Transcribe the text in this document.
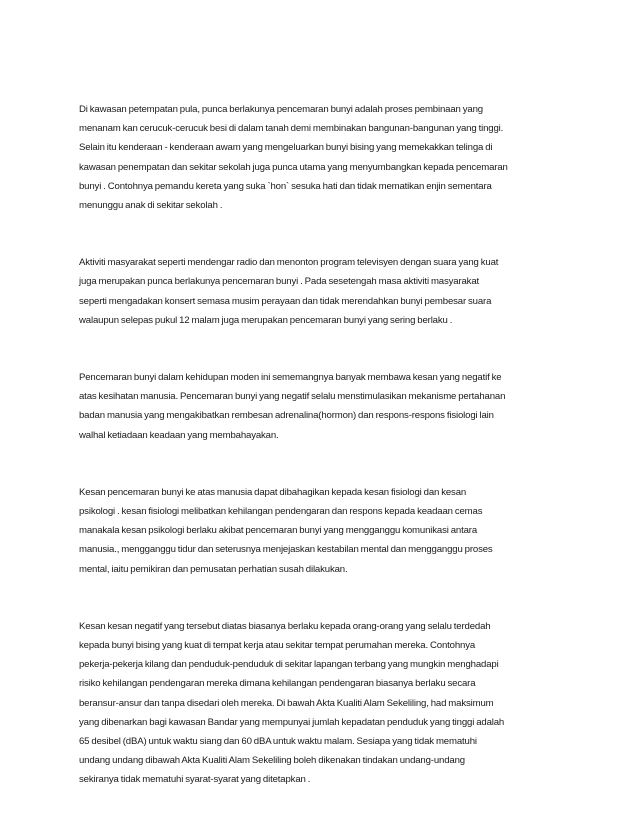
Di kawasan petempatan pula, punca berlakunya pencemaran bunyi adalah proses pembinaan yang
menanam kan cerucuk-cerucuk besi di dalam tanah demi membinakan bangunan-bangunan yang tinggi.
Selain itu kenderaan - kenderaan awam yang mengeluarkan bunyi bising yang memekakkan telinga di
kawasan penempatan dan sekitar sekolah juga punca utama yang menyumbangkan kepada pencemaran
bunyi . Contohnya pemandu kereta yang suka `hon` sesuka hati dan tidak mematikan enjin sementara
menunggu anak di sekitar sekolah .

Aktiviti masyarakat seperti mendengar radio dan menonton program televisyen dengan suara yang kuat
juga merupakan punca berlakunya pencemaran bunyi . Pada sesetengah masa aktiviti masyarakat
seperti mengadakan konsert semasa musim perayaan dan tidak merendahkan bunyi pembesar suara
walaupun selepas pukul 12 malam juga merupakan pencemaran bunyi yang sering berlaku .

Pencemaran bunyi dalam kehidupan moden ini sememangnya banyak membawa kesan yang negatif ke
atas kesihatan manusia. Pencemaran bunyi yang negatif selalu menstimulasikan mekanisme pertahanan
badan manusia yang mengakibatkan rembesan adrenalina(hormon) dan respons-respons fisiologi lain
walhal ketiadaan keadaan yang membahayakan.

Kesan pencemaran bunyi ke atas manusia dapat dibahagikan kepada kesan fisiologi dan kesan
psikologi . kesan fisiologi melibatkan kehilangan pendengaran dan respons kepada keadaan cemas
manakala kesan psikologi berlaku akibat pencemaran bunyi yang mengganggu komunikasi antara
manusia., mengganggu tidur dan seterusnya menjejaskan kestabilan mental dan mengganggu proses
mental, iaitu pemikiran dan pemusatan perhatian susah dilakukan.

Kesan kesan negatif yang tersebut diatas biasanya berlaku kepada orang-orang yang selalu terdedah
kepada bunyi bising yang kuat di tempat kerja atau sekitar tempat perumahan mereka. Contohnya
pekerja-pekerja kilang dan penduduk-penduduk di sekitar lapangan terbang yang mungkin menghadapi
risiko kehilangan pendengaran mereka dimana kehilangan pendengaran biasanya berlaku secara
beransur-ansur dan tanpa disedari oleh mereka. Di bawah Akta Kualiti Alam Sekeliling, had maksimum
yang dibenarkan bagi kawasan Bandar yang mempunyai jumlah kepadatan penduduk yang tinggi adalah
65 desibel (dBA) untuk waktu siang dan 60 dBA untuk waktu malam. Sesiapa yang tidak mematuhi
undang undang dibawah Akta Kualiti Alam Sekeliling boleh dikenakan tindakan undang-undang
sekiranya tidak mematuhi syarat-syarat yang ditetapkan .
